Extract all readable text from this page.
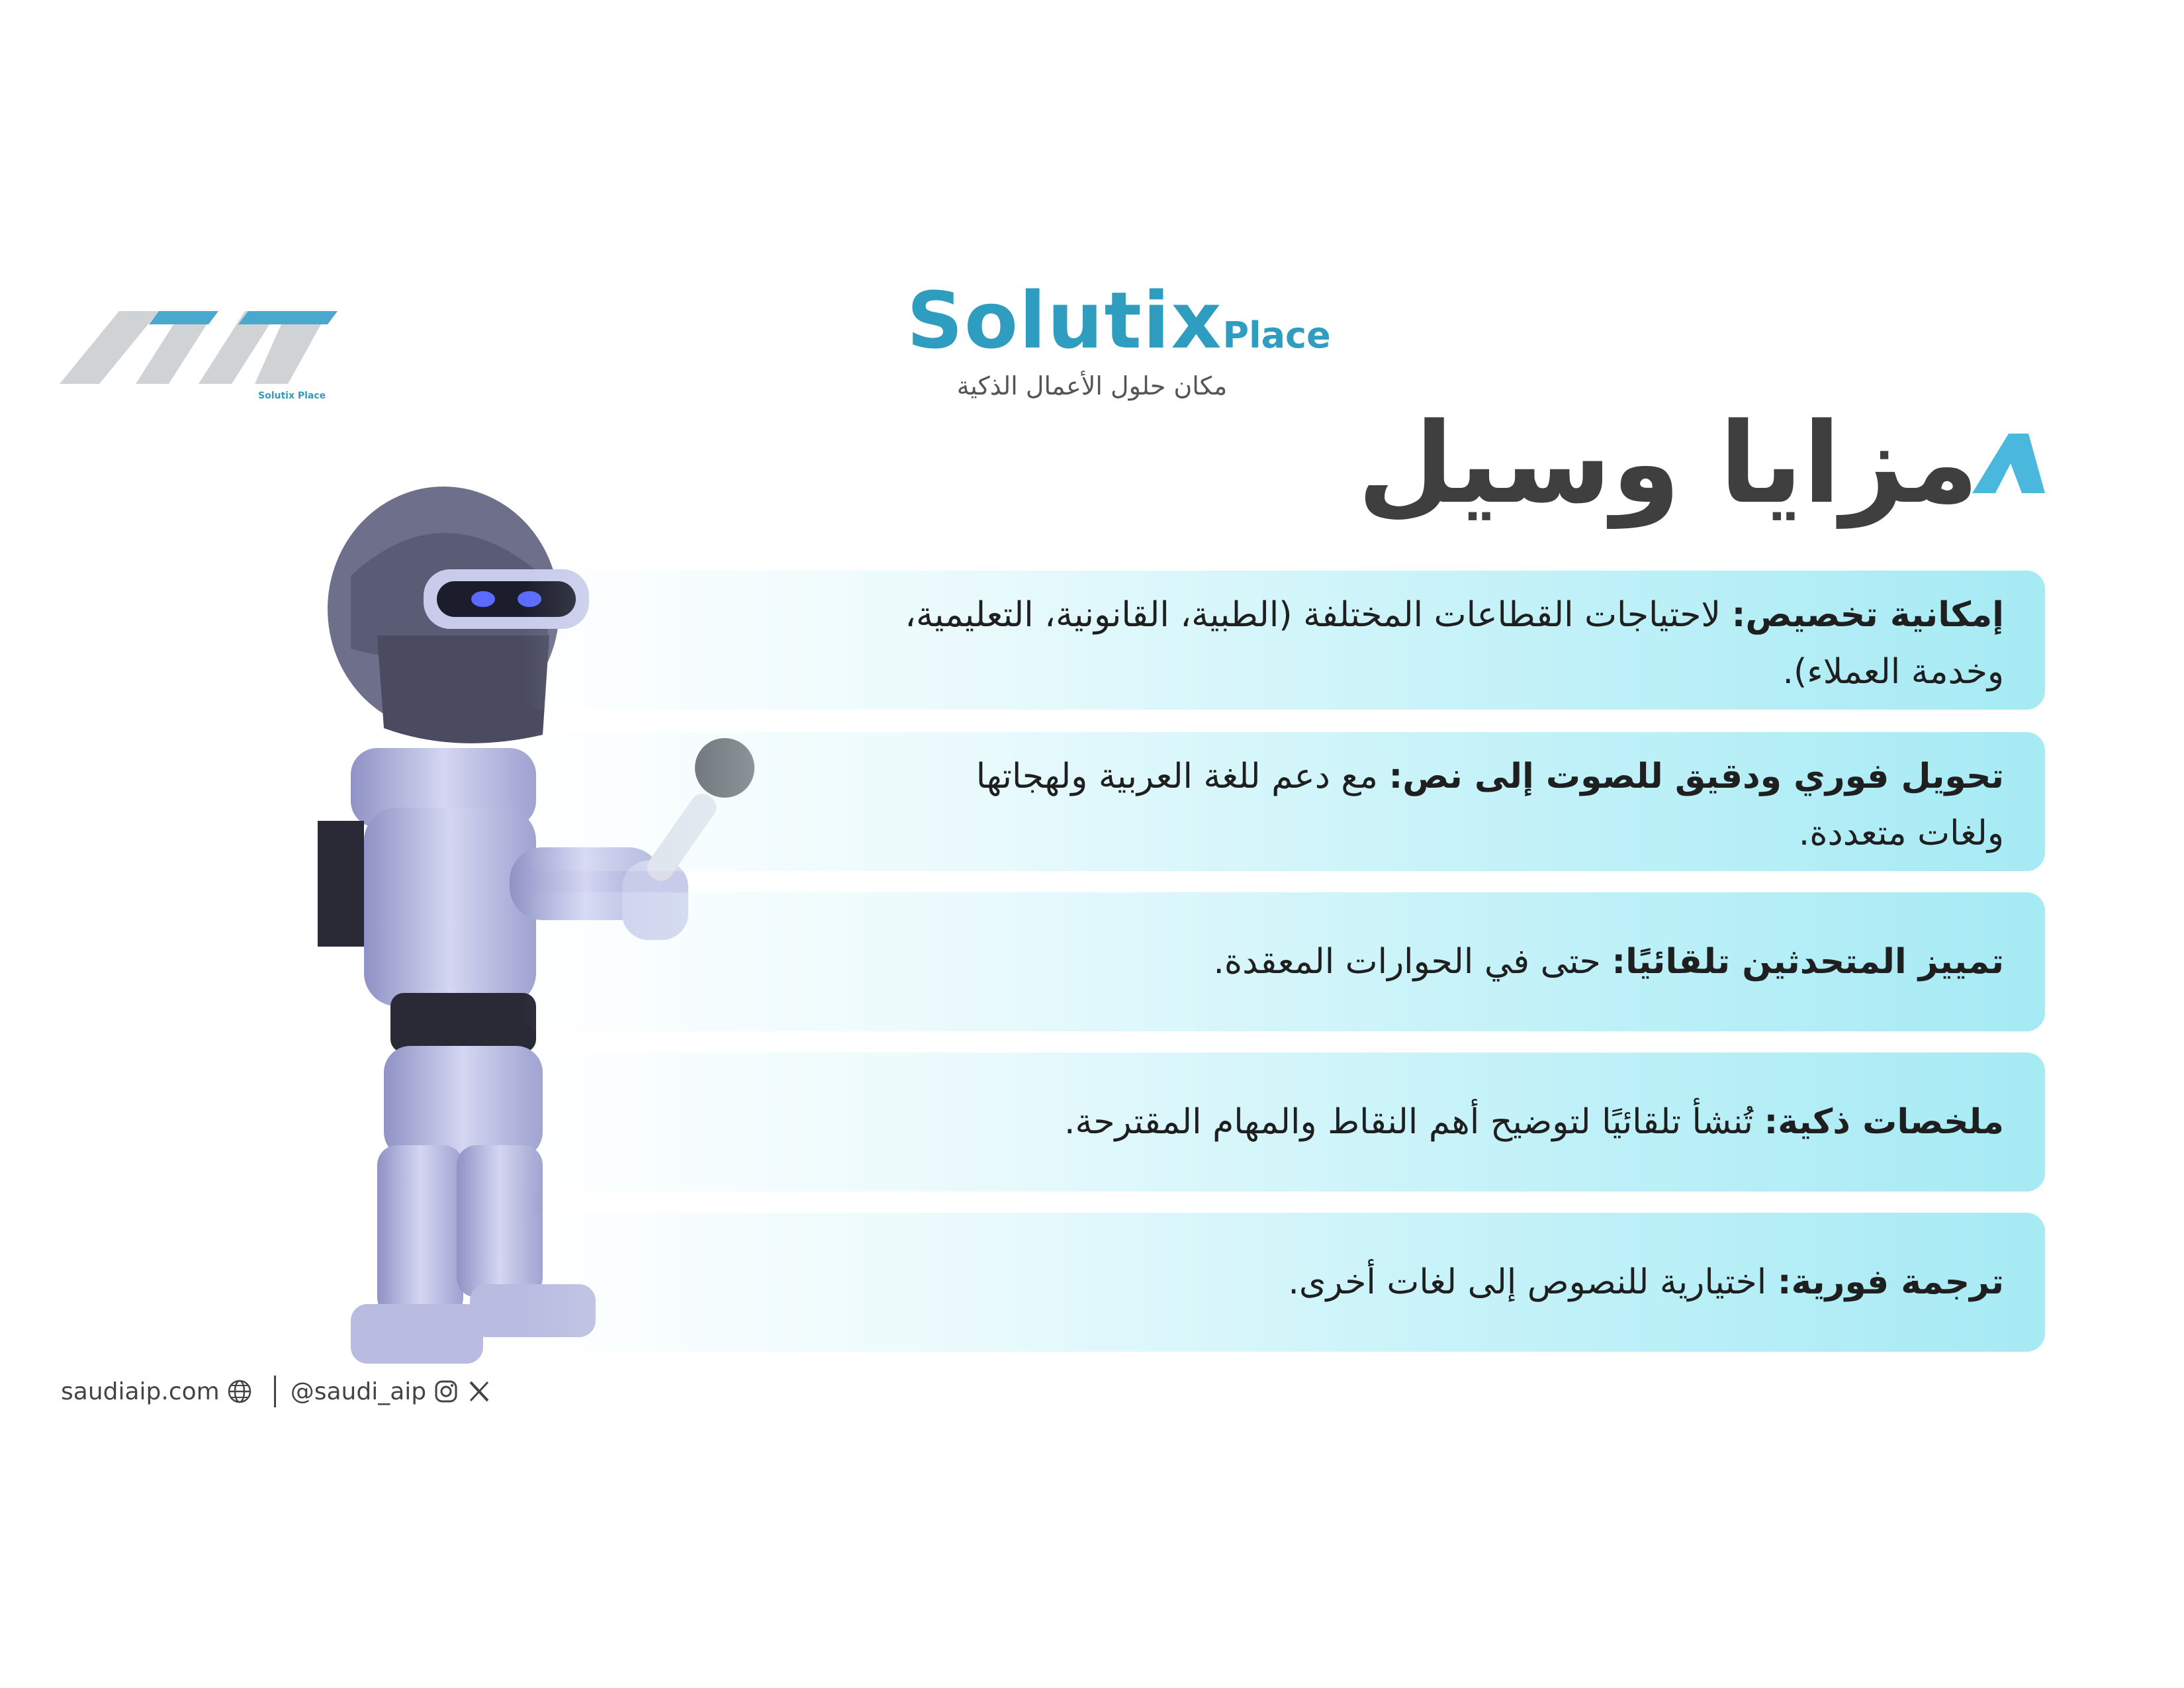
Solutix Place
SolutixPlace
مكان حلول الأعمال الذكية
مزايا وسيل
إمكانية تخصيص: لاحتياجات القطاعات المختلفة (الطبية، القانونية، التعليمية، وخدمة العملاء).
تحويل فوري ودقيق للصوت إلى نص: مع دعم للغة العربية ولهجاتها ولغات متعددة.
تمييز المتحدثين تلقائيًا: حتى في الحوارات المعقدة.
ملخصات ذكية: تُنشأ تلقائيًا لتوضيح أهم النقاط والمهام المقترحة.
ترجمة فورية: اختيارية للنصوص إلى لغات أخرى.
saudiaip.com	@saudi_aip
